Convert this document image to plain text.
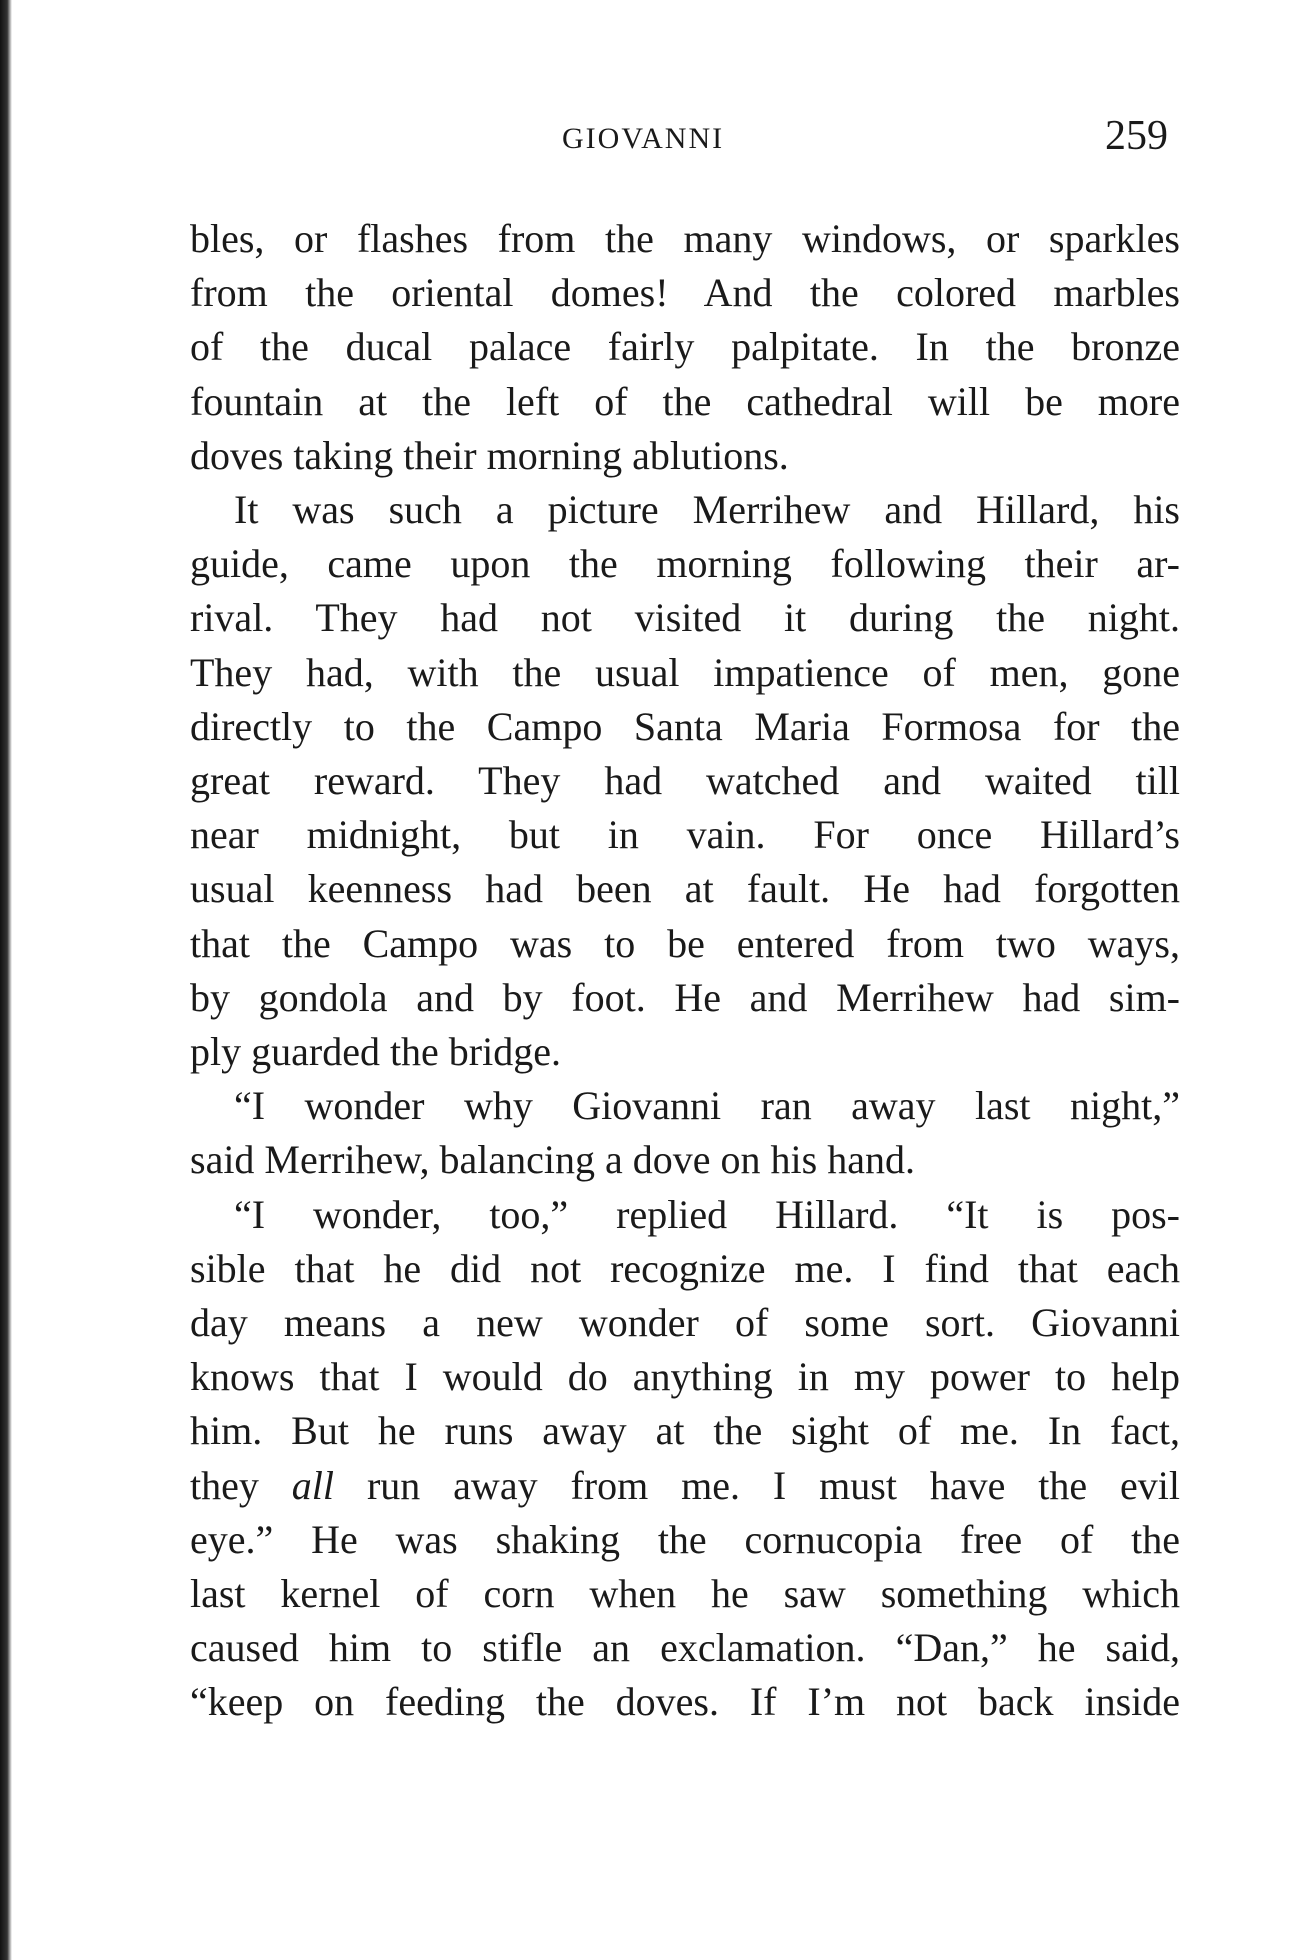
GIOVANNI	259
bles, or flashes from the many windows, or sparkles
from the oriental domes! And the colored marbles
of the ducal palace fairly palpitate. In the bronze
fountain at the left of the cathedral will be more
doves taking their morning ablutions.
It was such a picture Merrihew and Hillard, his
guide, came upon the morning following their ar-
rival. They had not visited it during the night.
They had, with the usual impatience of men, gone
directly to the Campo Santa Maria Formosa for the
great reward. They had watched and waited till
near midnight, but in vain. For once Hillard’s
usual keenness had been at fault. He had forgotten
that the Campo was to be entered from two ways,
by gondola and by foot. He and Merrihew had sim-
ply guarded the bridge.
“I wonder why Giovanni ran away last night,”
said Merrihew, balancing a dove on his hand.
“I wonder, too,” replied Hillard. “It is pos-
sible that he did not recognize me. I find that each
day means a new wonder of some sort. Giovanni
knows that I would do anything in my power to help
him. But he runs away at the sight of me. In fact,
they all run away from me. I must have the evil
eye.” He was shaking the cornucopia free of the
last kernel of corn when he saw something which
caused him to stifle an exclamation. “Dan,” he said,
“keep on feeding the doves. If I’m not back inside
